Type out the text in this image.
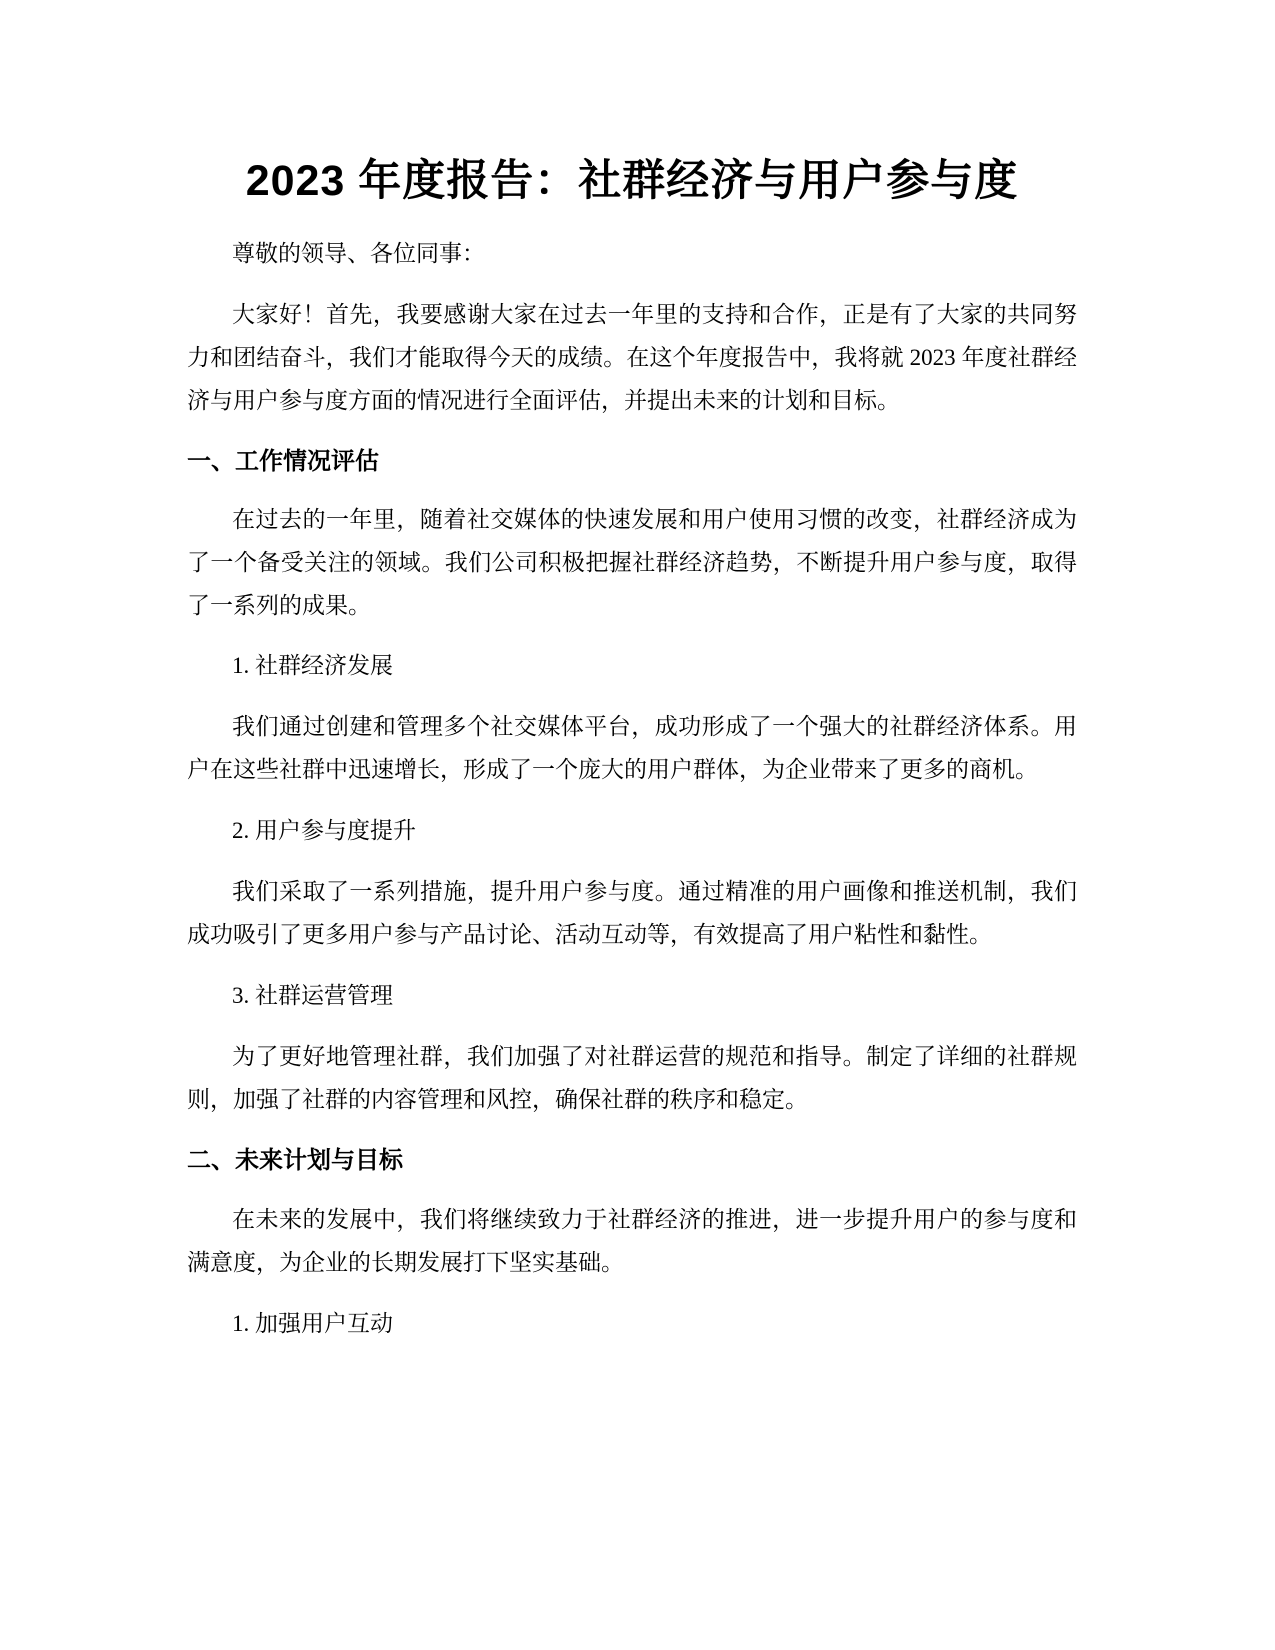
2023 年度报告：社群经济与用户参与度

尊敬的领导、各位同事：

大家好！首先，我要感谢大家在过去一年里的支持和合作，正是有了大家的共同努力和团结奋斗，我们才能取得今天的成绩。在这个年度报告中，我将就 2023 年度社群经济与用户参与度方面的情况进行全面评估，并提出未来的计划和目标。

一、工作情况评估

在过去的一年里，随着社交媒体的快速发展和用户使用习惯的改变，社群经济成为了一个备受关注的领域。我们公司积极把握社群经济趋势，不断提升用户参与度，取得了一系列的成果。

1. 社群经济发展

我们通过创建和管理多个社交媒体平台，成功形成了一个强大的社群经济体系。用户在这些社群中迅速增长，形成了一个庞大的用户群体，为企业带来了更多的商机。

2. 用户参与度提升

我们采取了一系列措施，提升用户参与度。通过精准的用户画像和推送机制，我们成功吸引了更多用户参与产品讨论、活动互动等，有效提高了用户粘性和黏性。

3. 社群运营管理

为了更好地管理社群，我们加强了对社群运营的规范和指导。制定了详细的社群规则，加强了社群的内容管理和风控，确保社群的秩序和稳定。

二、未来计划与目标

在未来的发展中，我们将继续致力于社群经济的推进，进一步提升用户的参与度和满意度，为企业的长期发展打下坚实基础。

1. 加强用户互动
